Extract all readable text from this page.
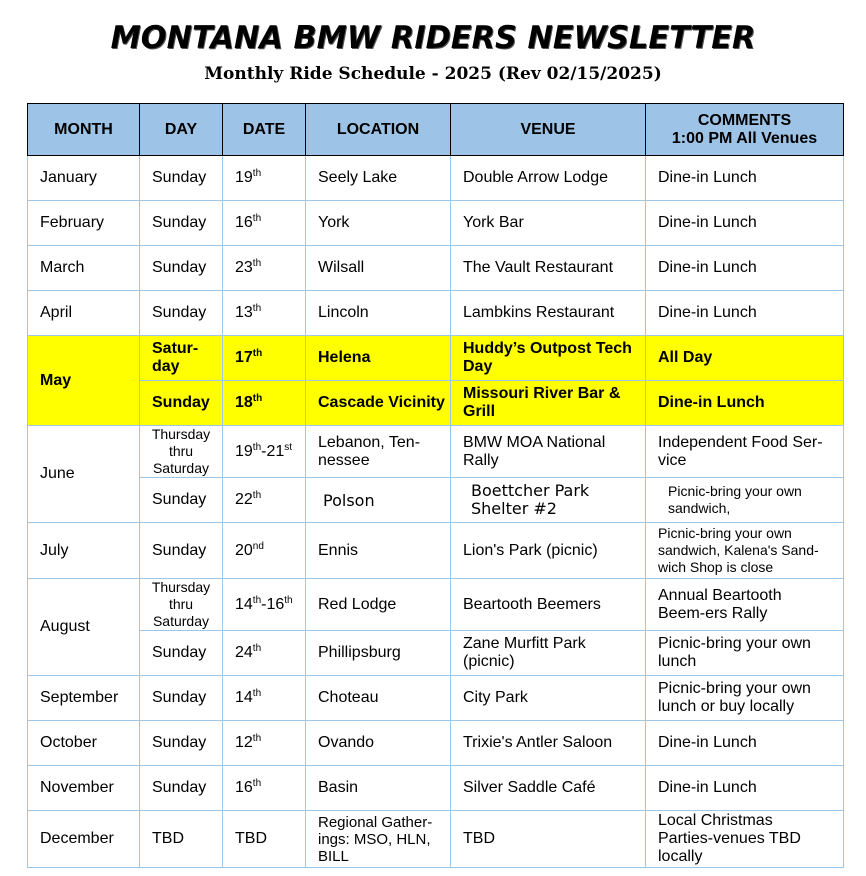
MONTANA BMW RIDERS NEWSLETTER
Monthly Ride Schedule - 2025 (Rev 02/15/2025)
MONTH	DAY	DATE	LOCATION	VENUE	COMMENTS
1:00 PM All Venues
January	Sunday	19th	Seely Lake	Double Arrow Lodge	Dine-in Lunch
February	Sunday	16th	York	York Bar	Dine-in Lunch
March	Sunday	23th	Wilsall	The Vault Restaurant	Dine-in Lunch
April	Sunday	13th	Lincoln	Lambkins Restaurant	Dine-in Lunch
May	Satur-day	17th	Helena	Huddy’s Outpost Tech Day	All Day
	Sunday	18th	Cascade Vicinity	Missouri River Bar & Grill	Dine-in Lunch
June	Thursday thru Saturday	19th-21st	Lebanon, Ten-nessee	BMW MOA National Rally	Independent Food Ser-vice
	Sunday	22th	Polson	Boettcher Park Shelter #2	Picnic-bring your own sandwich,
July	Sunday	20nd	Ennis	Lion's Park (picnic)	Picnic-bring your own sandwich, Kalena's Sand-wich Shop is close
August	Thursday thru Saturday	14th-16th	Red Lodge	Beartooth Beemers	Annual Beartooth Beem-ers Rally
	Sunday	24th	Phillipsburg	Zane Murfitt Park (picnic)	Picnic-bring your own lunch
September	Sunday	14th	Choteau	City Park	Picnic-bring your own lunch or buy locally
October	Sunday	12th	Ovando	Trixie's Antler Saloon	Dine-in Lunch
November	Sunday	16th	Basin	Silver Saddle Café	Dine-in Lunch
December	TBD	TBD	Regional Gather-ings: MSO, HLN, BILL	TBD	Local Christmas Parties-venues TBD locally
